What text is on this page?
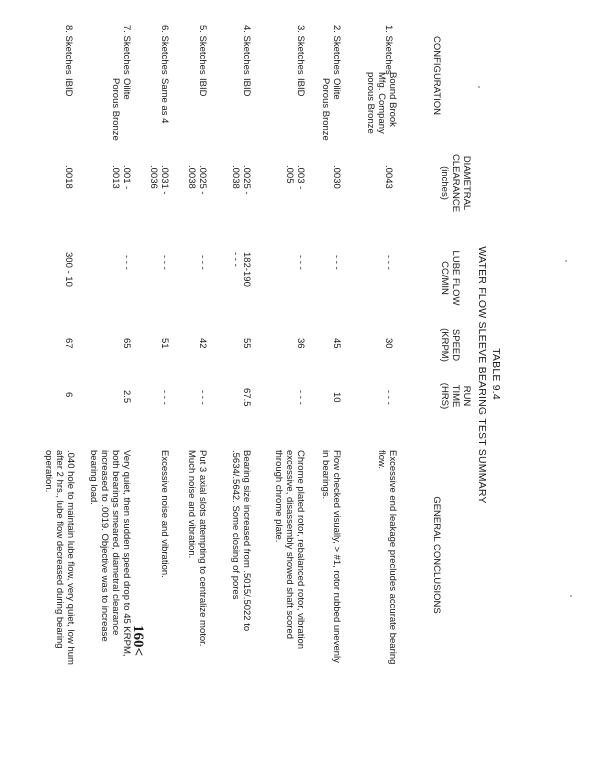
TABLE 9.4
WATER FLOW SLEEVE BEARING TEST SUMMARY
CONFIGURATION
DIAMETRAL
CLEARANCE
(inches)
LUBE FLOW
CC/MIN
SPEED
(KRPM)
RUN
TIME
(HRS)
GENERAL CONCLUSIONS
1. Sketches
Bound Brook
Mfg. Company
porous Bronze
.0043
- - -
30
- - -
Excessive end leakage precludes accurate bearing flow.
2. Sketches
Oilite
Porous Bronze
.0030
- - -
45
10
Flow checked visually, > #1, rotor rubbed unevenly in bearings.
3. Sketches
IBID
.003 -
.005
- - -
36
- - -
Chrome plated rotor, rebalanced rotor, vibration excessive, disassembly showed shaft scored through chrome plate.
4. Sketches
IBID
.0025 -
.0038
182-190
- - -
55
67.5
Bearing size increased from .5015/.5022 to .5634/.5642. Some closing of pores
5. Sketches
IBID
.0025 -
.0038
- - -
42
- - -
Put 3 axial slots attempting to centralize motor. Much noise and vibration.
6. Sketches
Same as 4
.0031 -
.0036
- - -
51
- - -
Excessive noise and vibration.
7. Sketches
Oilite
Porous Bronze
.001 -
.0013
- - -
65
2.5
Very quiet, then sudden speed drop to 45 KRPM, both bearings smeared, diametral clearance increased to .0019. Objective was to increase bearing load.
8. Sketches
IBID
.0018
300 - 10
67
6
.040 hole to maintain lube flow, very quiet, low hum after 2 hrs., lube flow decreased during bearing operation.
160<
